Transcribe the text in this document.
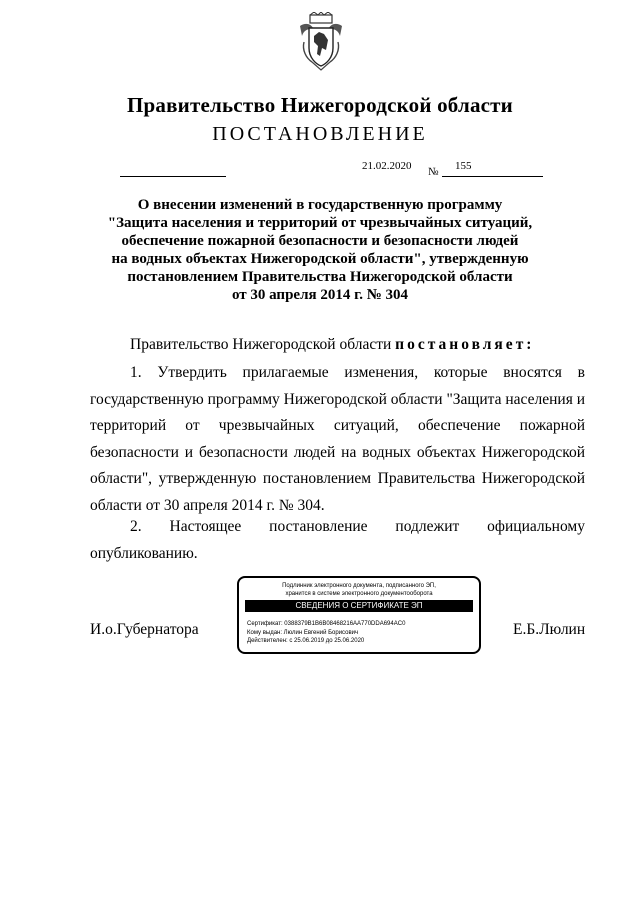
Правительство Нижегородской области
ПОСТАНОВЛЕНИЕ
21.02.2020 № 155
О внесении изменений в государственную программу
"Защита населения и территорий от чрезвычайных ситуаций,
обеспечение пожарной безопасности и безопасности людей
на водных объектах Нижегородской области", утвержденную
постановлением Правительства Нижегородской области
от 30 апреля 2014 г. № 304
Правительство Нижегородской области постановляет:
1. Утвердить прилагаемые изменения, которые вносятся в государственную программу Нижегородской области "Защита населения и территорий от чрезвычайных ситуаций, обеспечение пожарной безопасности и безопасности людей на водных объектах Нижегородской области", утвержденную постановлением Правительства Нижегородской области от 30 апреля 2014 г. № 304.
2. Настоящее постановление подлежит официальному опубликованию.
И.о.Губернатора
Подлинник электронного документа, подписанного ЭП,
хранится в системе электронного документооборота
СВЕДЕНИЯ О СЕРТИФИКАТЕ ЭП
Сертификат: 0388379B1B6B08468216AA770DDA694AC0
Кому выдан: Люлин Евгений Борисович
Действителен: с 25.06.2019 до 25.06.2020
Е.Б.Люлин
